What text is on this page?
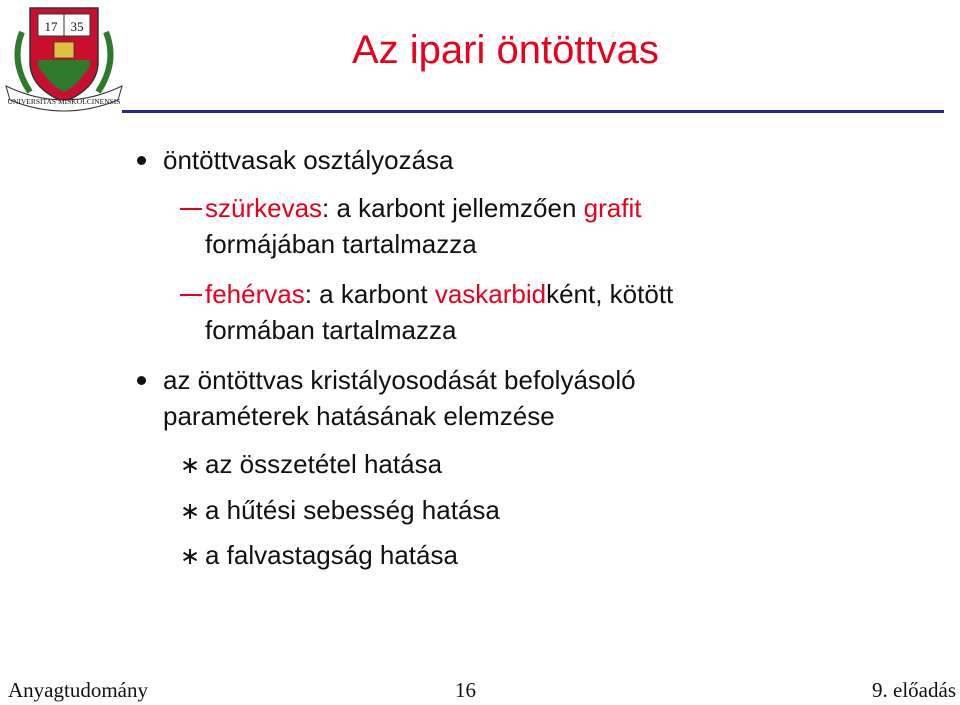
17 35
UNIVERSITAS MISKOLCINENSIS
Az ipari öntöttvas
öntöttvasak osztályozása
szürkevas: a karbont jellemzően grafit
formájában tartalmazza
fehérvas: a karbont vaskarbidként, kötött
formában tartalmazza
az öntöttvas kristályosodását befolyásoló
paraméterek hatásának elemzése
∗ az összetétel hatása
∗ a hűtési sebesség hatása
∗ a falvastagság hatása
Anyagtudomány	16	9. előadás
